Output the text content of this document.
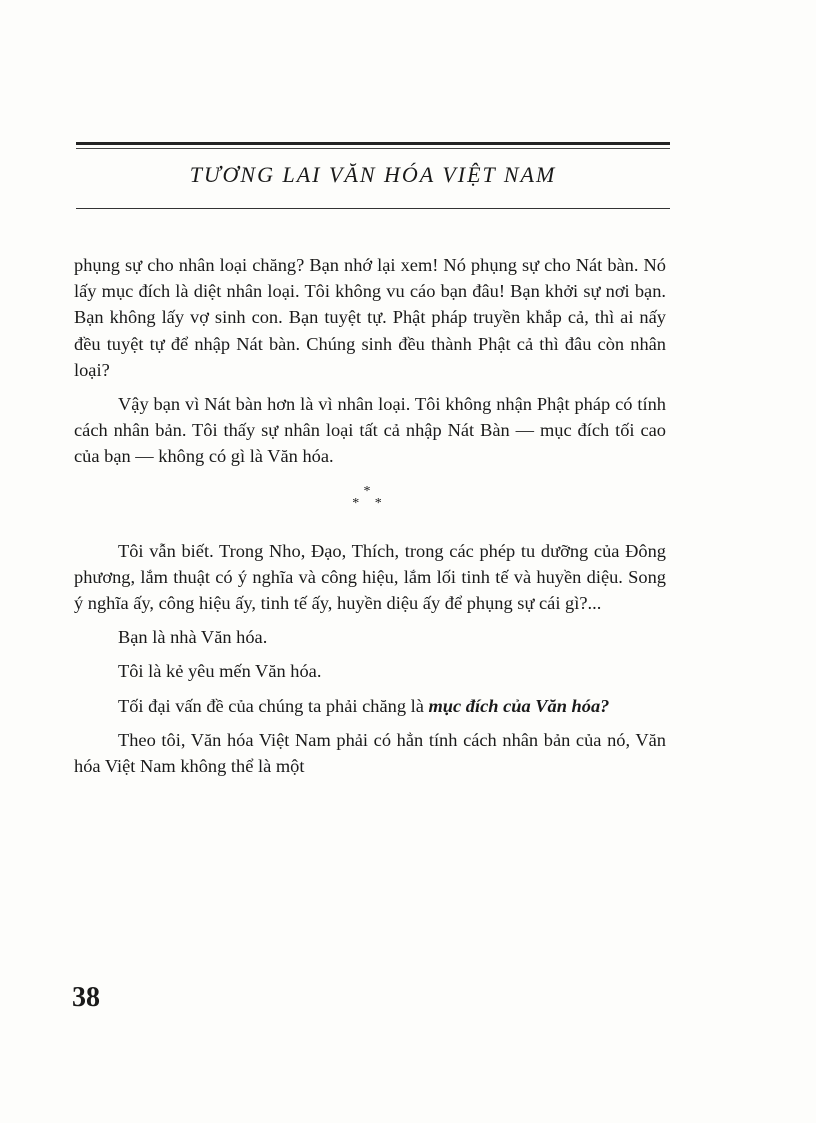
TƯƠNG LAI VĂN HÓA VIỆT NAM

phụng sự cho nhân loại chăng? Bạn nhớ lại xem! Nó phụng sự cho Nát bàn. Nó lấy mục đích là diệt nhân loại. Tôi không vu cáo bạn đâu! Bạn khởi sự nơi bạn. Bạn không lấy vợ sinh con. Bạn tuyệt tự. Phật pháp truyền khắp cả, thì ai nấy đều tuyệt tự để nhập Nát bàn. Chúng sinh đều thành Phật cả thì đâu còn nhân loại?

Vậy bạn vì Nát bàn hơn là vì nhân loại. Tôi không nhận Phật pháp có tính cách nhân bản. Tôi thấy sự nhân loại tất cả nhập Nát Bàn — mục đích tối cao của bạn — không có gì là Văn hóa.

*
* *

Tôi vẫn biết. Trong Nho, Đạo, Thích, trong các phép tu dưỡng của Đông phương, lắm thuật có ý nghĩa và công hiệu, lắm lối tinh tế và huyền diệu. Song ý nghĩa ấy, công hiệu ấy, tinh tế ấy, huyền diệu ấy để phụng sự cái gì?...

Bạn là nhà Văn hóa.

Tôi là kẻ yêu mến Văn hóa.

Tối đại vấn đề của chúng ta phải chăng là mục đích của Văn hóa?

Theo tôi, Văn hóa Việt Nam phải có hẳn tính cách nhân bản của nó, Văn hóa Việt Nam không thể là một

38
